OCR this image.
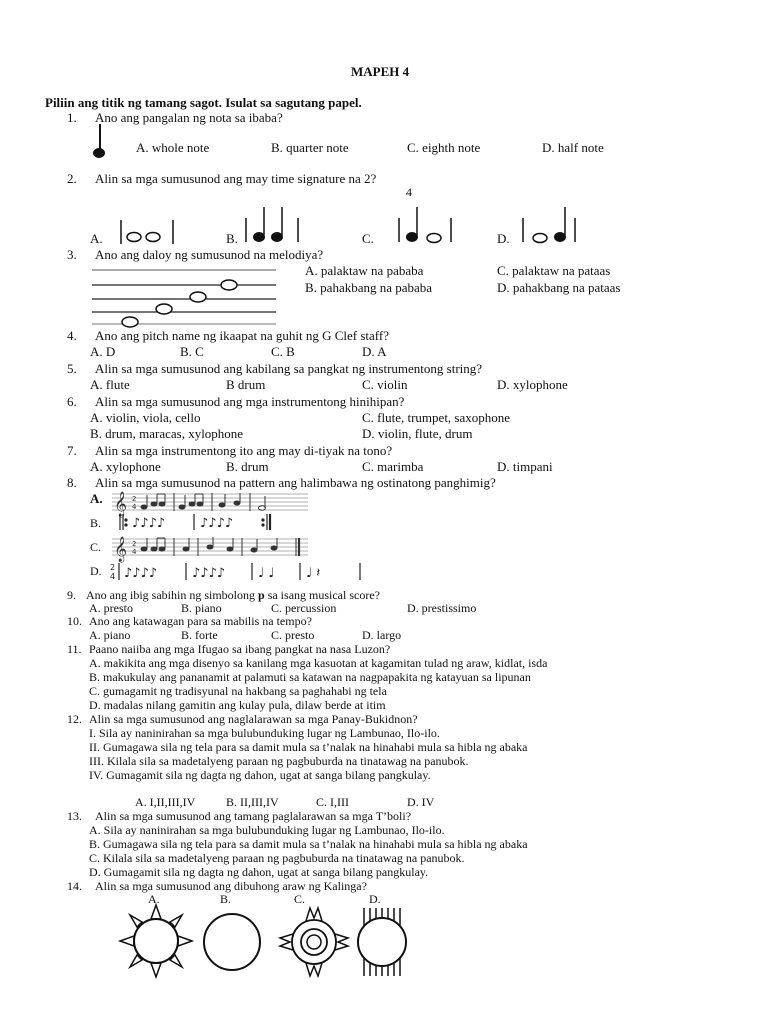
MAPEH 4
Piliin ang titik ng tamang sagot. Isulat sa sagutang papel.
1. Ano ang pangalan ng nota sa ibaba?
A. whole note	B. quarter note	C. eighth note	D. half note
2. Alin sa mga sumusunod ang may time signature na 2?
4
A.	B.	C.	D.
3. Ano ang daloy ng sumusunod na melodiya?
A. palaktaw na pababa
B. pahakbang na pababa
C. palaktaw na pataas
D. pahakbang na pataas
4. Ano ang pitch name ng ikaapat na guhit ng G Clef staff?
A. D	B. C	C. B	D. A
5. Alin sa mga sumusunod ang kabilang sa pangkat ng instrumentong string?
A. flute	B drum	C. violin	D. xylophone
6. Alin sa mga sumusunod ang mga instrumentong hinihipan?
A. violin, viola, cello
B. drum, maracas, xylophone
C. flute, trumpet, saxophone
D. violin, flute, drum
7. Alin sa mga instrumentong ito ang may di-tiyak na tono?
A. xylophone	B. drum	C. marimba	D. timpani
8. Alin sa mga sumusunod na pattern ang halimbawa ng ostinatong panghimig?
A.
B.
C.
D.
𝄞 2
4
♪♪♪♪	♪♪♪♪
𝄞 2
4
2
4 ♪♪♪♪	♪♪♪♪	♩ ♩ ♩ 𝄽
9. Ano ang ibig sabihin ng simbolong p sa isang musical score?
A. presto	B. piano	C. percussion	D. prestissimo
10. Ano ang katawagan para sa mabilis na tempo?
A. piano	B. forte	C. presto	D. largo
11. Paano naiiba ang mga Ifugao sa ibang pangkat na nasa Luzon?
A. makikita ang mga disenyo sa kanilang mga kasuotan at kagamitan tulad ng araw, kidlat, isda
B. makukulay ang pananamit at palamuti sa katawan na nagpapakita ng katayuan sa lipunan
C. gumagamit ng tradisyunal na hakbang sa paghahabi ng tela
D. madalas nilang gamitin ang kulay pula, dilaw berde at itim
12. Alin sa mga sumusunod ang naglalarawan sa mga Panay-Bukidnon?
I. Sila ay naninirahan sa mga bulubunduking lugar ng Lambunao, Ilo-ilo.
II. Gumagawa sila ng tela para sa damit mula sa t’nalak na hinahabi mula sa hibla ng abaka
III. Kilala sila sa madetalyeng paraan ng pagbuburda na tinatawag na panubok.
IV. Gumagamit sila ng dagta ng dahon, ugat at sanga bilang pangkulay.
A. I,II,III,IV	B. II,III,IV	C. I,III	D. IV
13. Alin sa mga sumusunod ang tamang paglalarawan sa mga T’boli?
A. Sila ay naninirahan sa mga bulubunduking lugar ng Lambunao, Ilo-ilo.
B. Gumagawa sila ng tela para sa damit mula sa t’nalak na hinahabi mula sa hibla ng abaka
C. Kilala sila sa madetalyeng paraan ng pagbuburda na tinatawag na panubok.
D. Gumagamit sila ng dagta ng dahon, ugat at sanga bilang pangkulay.
14. Alin sa mga sumusunod ang dibuhong araw ng Kalinga?
A.	B.	C.	D.
